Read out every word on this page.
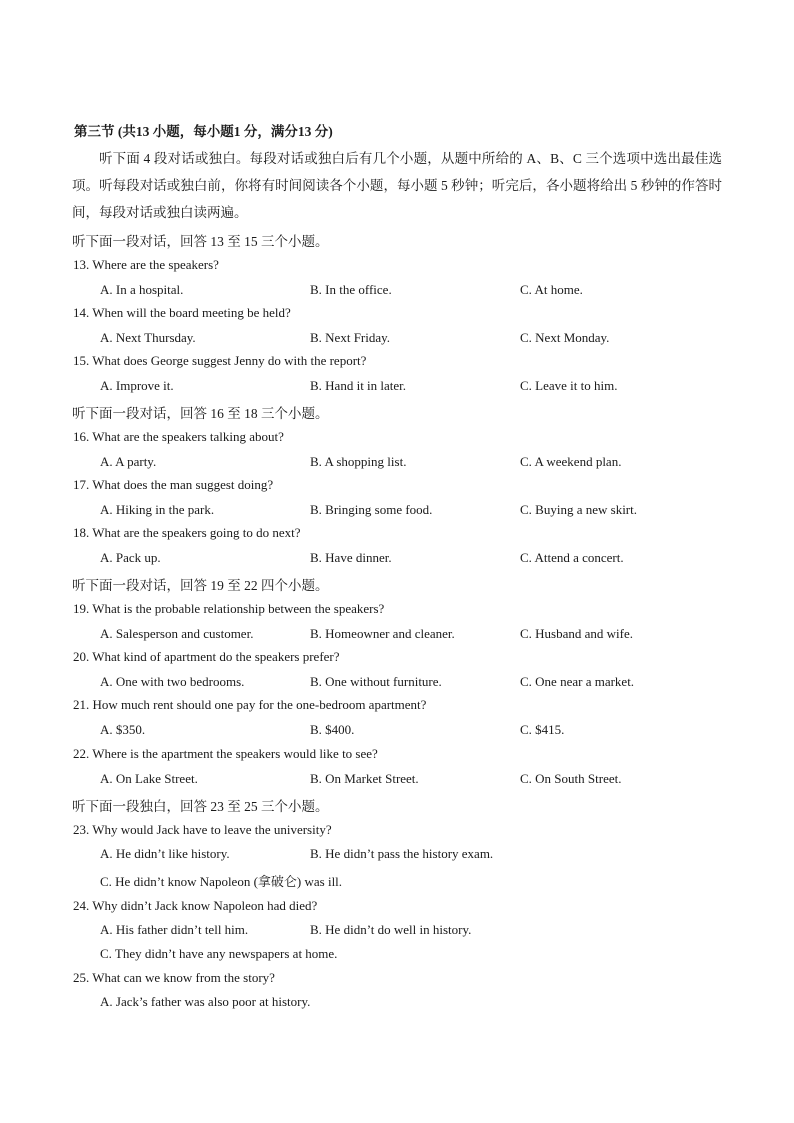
第三节 (共13 小题，每小题1 分，满分13 分)
听下面 4 段对话或独白。每段对话或独白后有几个小题，从题中所给的 A、B、C 三个选项中选出最佳选项。听每段对话或独白前，你将有时间阅读各个小题，每小题 5 秒钟；听完后，各小题将给出 5 秒钟的作答时间，每段对话或独白读两遍。
听下面一段对话，回答 13 至 15 三个小题。
13. Where are the speakers?
A. In a hospital.	B. In the office.	C. At home.
14. When will the board meeting be held?
A. Next Thursday.	B. Next Friday.	C. Next Monday.
15. What does George suggest Jenny do with the report?
A. Improve it.	B. Hand it in later.	C. Leave it to him.
听下面一段对话，回答 16 至 18 三个小题。
16. What are the speakers talking about?
A. A party.	B. A shopping list.	C. A weekend plan.
17. What does the man suggest doing?
A. Hiking in the park.	B. Bringing some food.	C. Buying a new skirt.
18. What are the speakers going to do next?
A. Pack up.	B. Have dinner.	C. Attend a concert.
听下面一段对话，回答 19 至 22 四个小题。
19. What is the probable relationship between the speakers?
A. Salesperson and customer.	B. Homeowner and cleaner.	C. Husband and wife.
20. What kind of apartment do the speakers prefer?
A. One with two bedrooms.	B. One without furniture.	C. One near a market.
21. How much rent should one pay for the one-bedroom apartment?
A. $350.	B. $400.	C. $415.
22. Where is the apartment the speakers would like to see?
A. On Lake Street.	B. On Market Street.	C. On South Street.
听下面一段独白，回答 23 至 25 三个小题。
23. Why would Jack have to leave the university?
A. He didn’t like history.	B. He didn’t pass the history exam.
C. He didn’t know Napoleon (拿破仑) was ill.
24. Why didn’t Jack know Napoleon had died?
A. His father didn’t tell him.	B. He didn’t do well in history.
C. They didn’t have any newspapers at home.
25. What can we know from the story?
A. Jack’s father was also poor at history.
